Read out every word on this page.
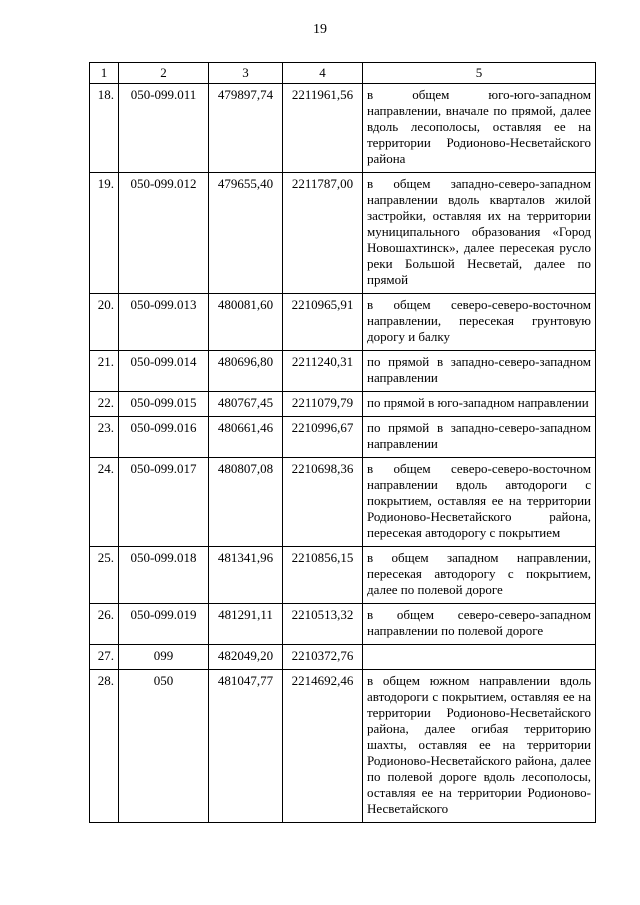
19
1	2	3	4	5
18.	050-099.011	479897,74	2211961,56	в общем юго-юго-западном направлении, вначале по прямой, далее вдоль лесополосы, оставляя ее на территории Родионово-Несветайского района
19.	050-099.012	479655,40	2211787,00	в общем западно-северо-западном направлении вдоль кварталов жилой застройки, оставляя их на территории муниципального образования «Город Новошахтинск», далее пересекая русло реки Большой Несветай, далее по прямой
20.	050-099.013	480081,60	2210965,91	в общем северо-северо-восточном направлении, пересекая грунтовую дорогу и балку
21.	050-099.014	480696,80	2211240,31	по прямой в западно-северо-западном направлении
22.	050-099.015	480767,45	2211079,79	по прямой в юго-западном направлении
23.	050-099.016	480661,46	2210996,67	по прямой в западно-северо-западном направлении
24.	050-099.017	480807,08	2210698,36	в общем северо-северо-восточном направлении вдоль автодороги с покрытием, оставляя ее на территории Родионово-Несветайского района, пересекая автодорогу с покрытием
25.	050-099.018	481341,96	2210856,15	в общем западном направлении, пересекая автодорогу с покрытием, далее по полевой дороге
26.	050-099.019	481291,11	2210513,32	в общем северо-северо-западном направлении по полевой дороге
27.	099	482049,20	2210372,76	
28.	050	481047,77	2214692,46	в общем южном направлении вдоль автодороги с покрытием, оставляя ее на территории Родионово-Несветайского района, далее огибая территорию шахты, оставляя ее на территории Родионово-Несветайского района, далее по полевой дороге вдоль лесополосы, оставляя ее на территории Родионово-Несветайского
